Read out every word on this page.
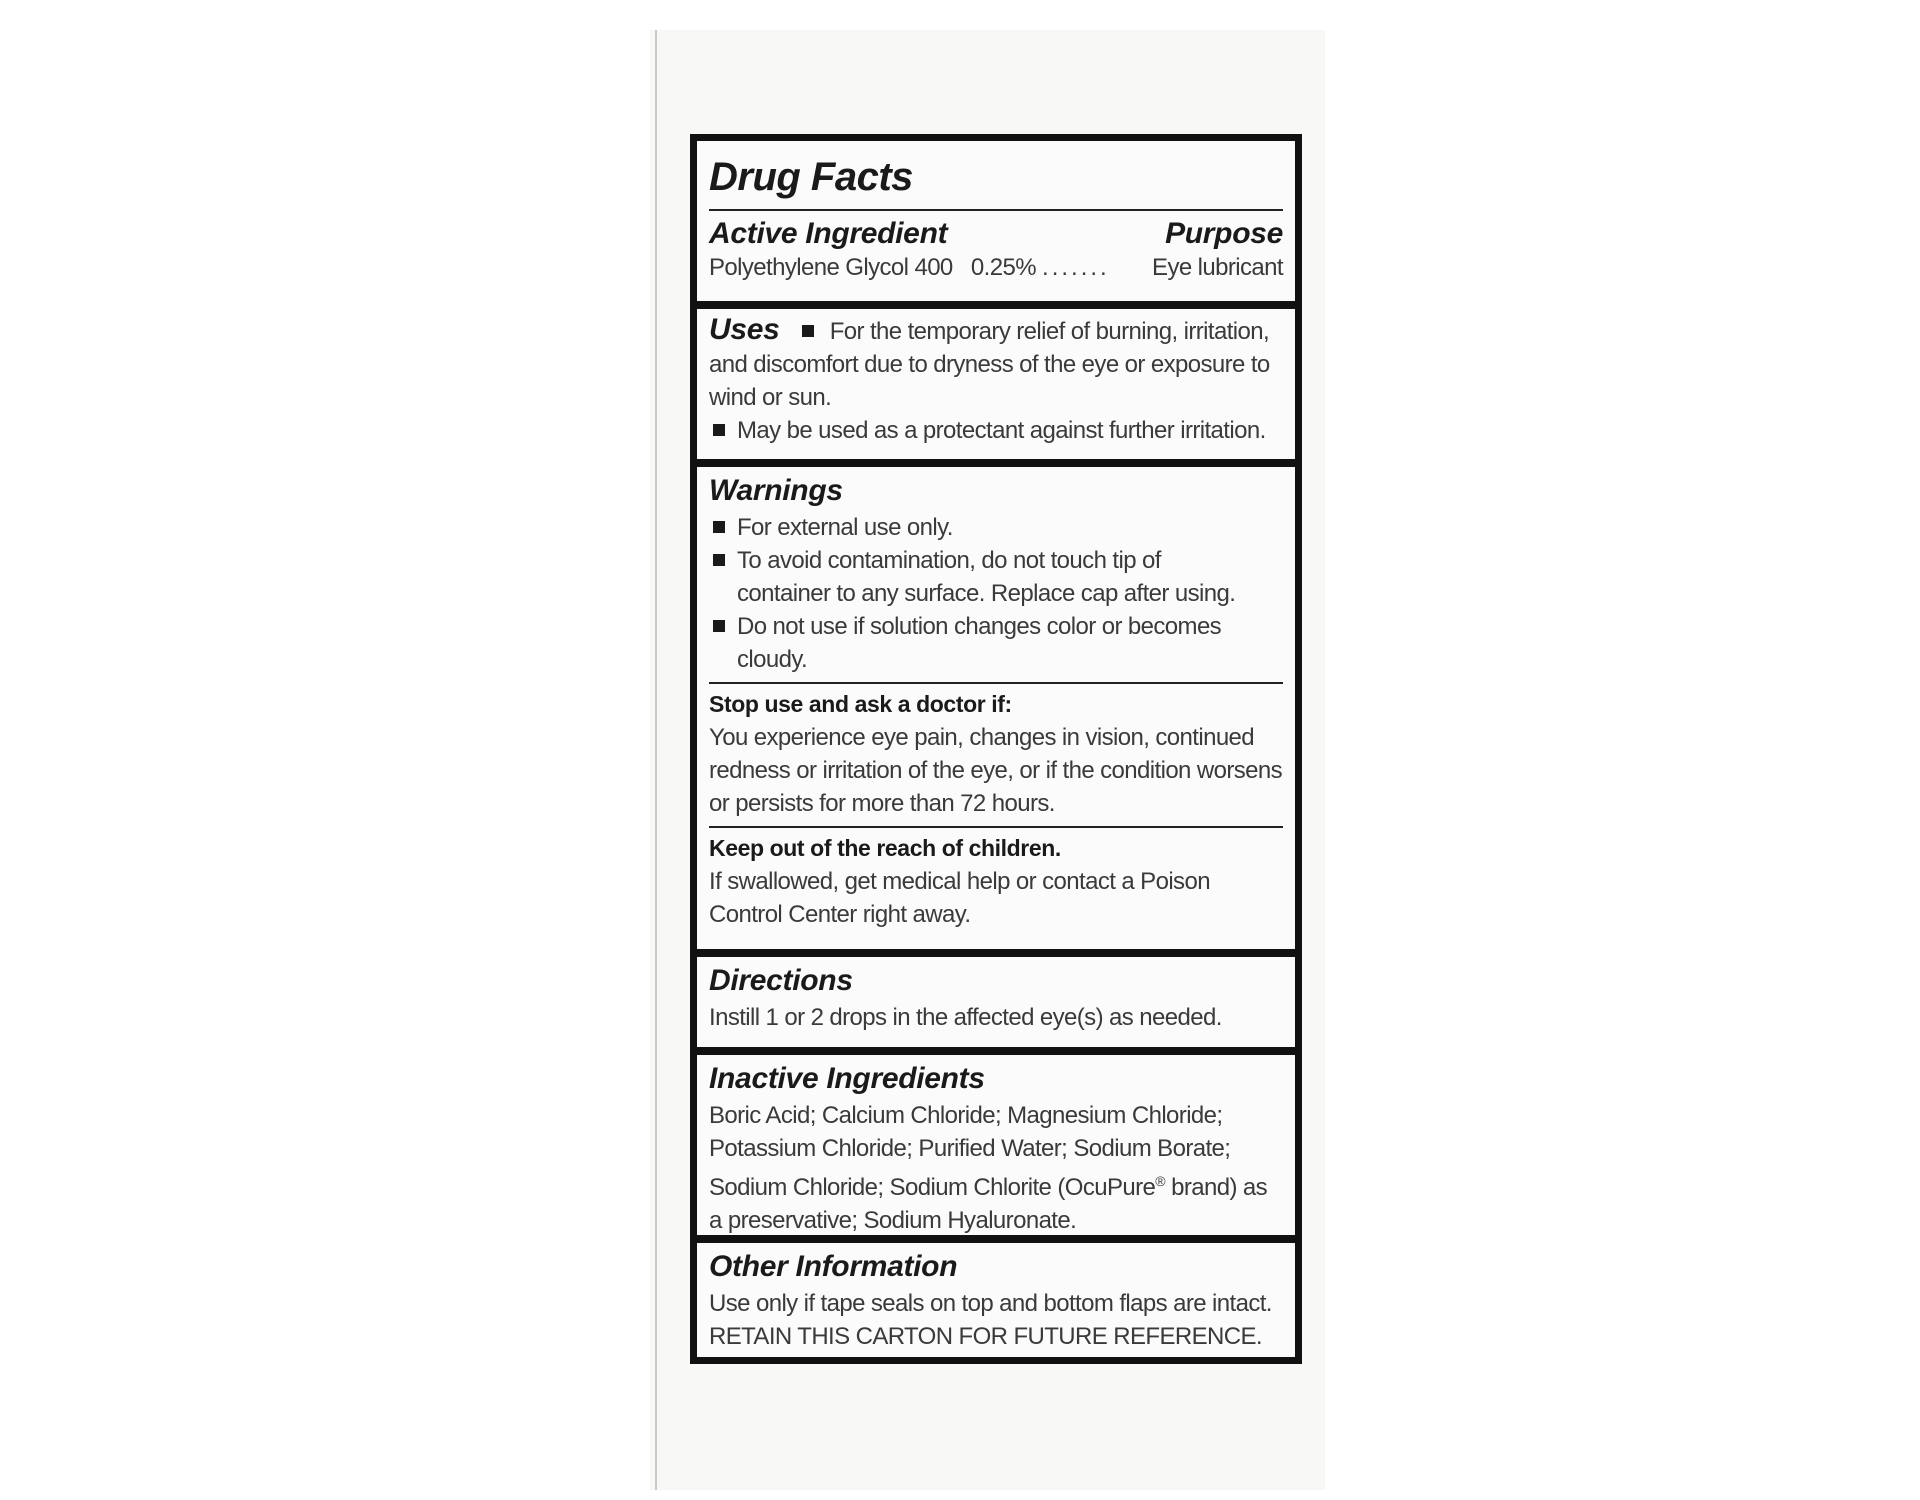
Drug Facts
Active Ingredient	Purpose
Polyethylene Glycol 400 0.25% ....... Eye lubricant
Uses For the temporary relief of burning, irritation, and discomfort due to dryness of the eye or exposure to wind or sun.
May be used as a protectant against further irritation.
Warnings
For external use only.
To avoid contamination, do not touch tip of container to any surface. Replace cap after using.
Do not use if solution changes color or becomes cloudy.
Stop use and ask a doctor if:
You experience eye pain, changes in vision, continued redness or irritation of the eye, or if the condition worsens or persists for more than 72 hours.
Keep out of the reach of children.
If swallowed, get medical help or contact a Poison Control Center right away.
Directions
Instill 1 or 2 drops in the affected eye(s) as needed.
Inactive Ingredients
Boric Acid; Calcium Chloride; Magnesium Chloride; Potassium Chloride; Purified Water; Sodium Borate; Sodium Chloride; Sodium Chlorite (OcuPure® brand) as a preservative; Sodium Hyaluronate.
Other Information
Use only if tape seals on top and bottom flaps are intact.
RETAIN THIS CARTON FOR FUTURE REFERENCE.
